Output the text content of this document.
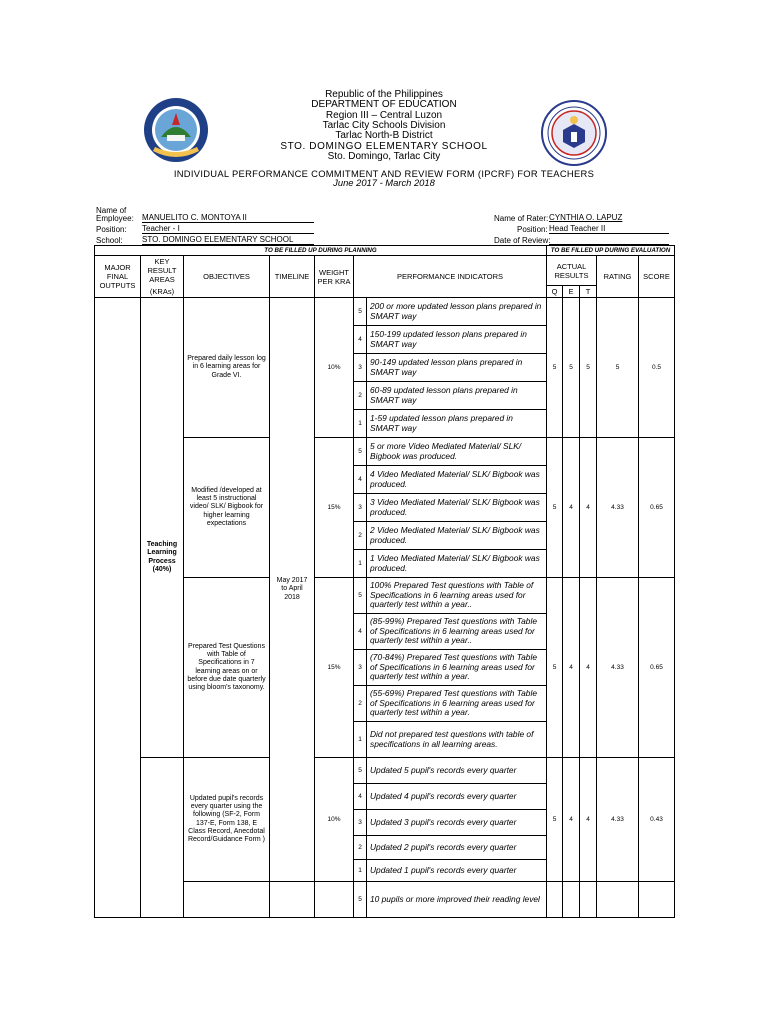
Republic of the Philippines
DEPARTMENT OF EDUCATION
Region III – Central Luzon
Tarlac City Schools Division
Tarlac North-B District
STO. DOMINGO ELEMENTARY SCHOOL
Sto. Domingo, Tarlac City
INDIVIDUAL PERFORMANCE COMMITMENT AND REVIEW FORM (IPCRF) FOR TEACHERS
June 2017 - March 2018
Name of
Employee: MANUELITO C. MONTOYA II
Position: Teacher - I
School: STO. DOMINGO ELEMENTARY SCHOOL
Name of Rater: CYNTHIA O. LAPUZ
Position: Head Teacher II
Date of Review:
TO BE FILLED UP DURING PLANNING							TO BE FILLED UP DURING EVALUATION				
MAJOR FINAL OUTPUTS	KEY RESULT AREAS	OBJECTIVES	TIMELINE	WEIGHT PER KRA	PERFORMANCE INDICATORS		ACTUAL RESULTS			RATING	SCORE
	(KRAs)						Q	E	T		
	Teaching Learning Process (40%)	Prepared daily lesson log in 6 learning areas for Grade VI.	May 2017 to April 2018	10%	5	200 or more updated lesson plans prepared in SMART way	5	5	5	5	0.5
					4	150-199 updated lesson plans prepared in SMART way					
					3	90-149 updated lesson plans prepared in SMART way					
					2	60-89 updated lesson plans prepared in SMART way					
					1	1-59 updated lesson plans prepared in SMART way					
		Modified /developed at least 5 instructional video/ SLK/ Bigbook for higher learning expectations		15%	5	5 or more Video Mediated Material/ SLK/ Bigbook was produced.	5	4	4	4.33	0.65
					4	4 Video Mediated Material/ SLK/ Bigbook was produced.					
					3	3 Video Mediated Material/ SLK/ Bigbook was produced.					
					2	2 Video Mediated Material/ SLK/ Bigbook was produced.					
					1	1 Video Mediated Material/ SLK/ Bigbook was produced.					
		Prepared Test Questions with Table of Specifications in 7 learning areas on or before due date quarterly using bloom's taxonomy.		15%	5	100% Prepared Test questions with Table of Specifications in 6 learning areas used for quarterly test within a year..	5	4	4	4.33	0.65
					4	(85-99%) Prepared Test questions with Table of Specifications in 6 learning areas used for quarterly test within a year..					
					3	(70-84%) Prepared Test questions with Table of Specifications in 6 learning areas used for quarterly test within a year.					
					2	(55-69%) Prepared Test questions with Table of Specifications in 6 learning areas used for quarterly test within a year.					
					1	Did not prepared test questions with table of specifications in all learning areas.					
		Updated pupil's records every quarter using the following (SF-2, Form 137-E, Form 138, E Class Record, Anecdotal Record/Guidance Form )		10%	5	Updated 5 pupil's records every quarter	5	4	4	4.33	0.43
					4	Updated 4 pupil's records every quarter					
					3	Updated 3 pupil's records every quarter					
					2	Updated 2 pupil's records every quarter					
					1	Updated 1 pupil's records every quarter					
					5	10 pupils or more improved their reading level					
